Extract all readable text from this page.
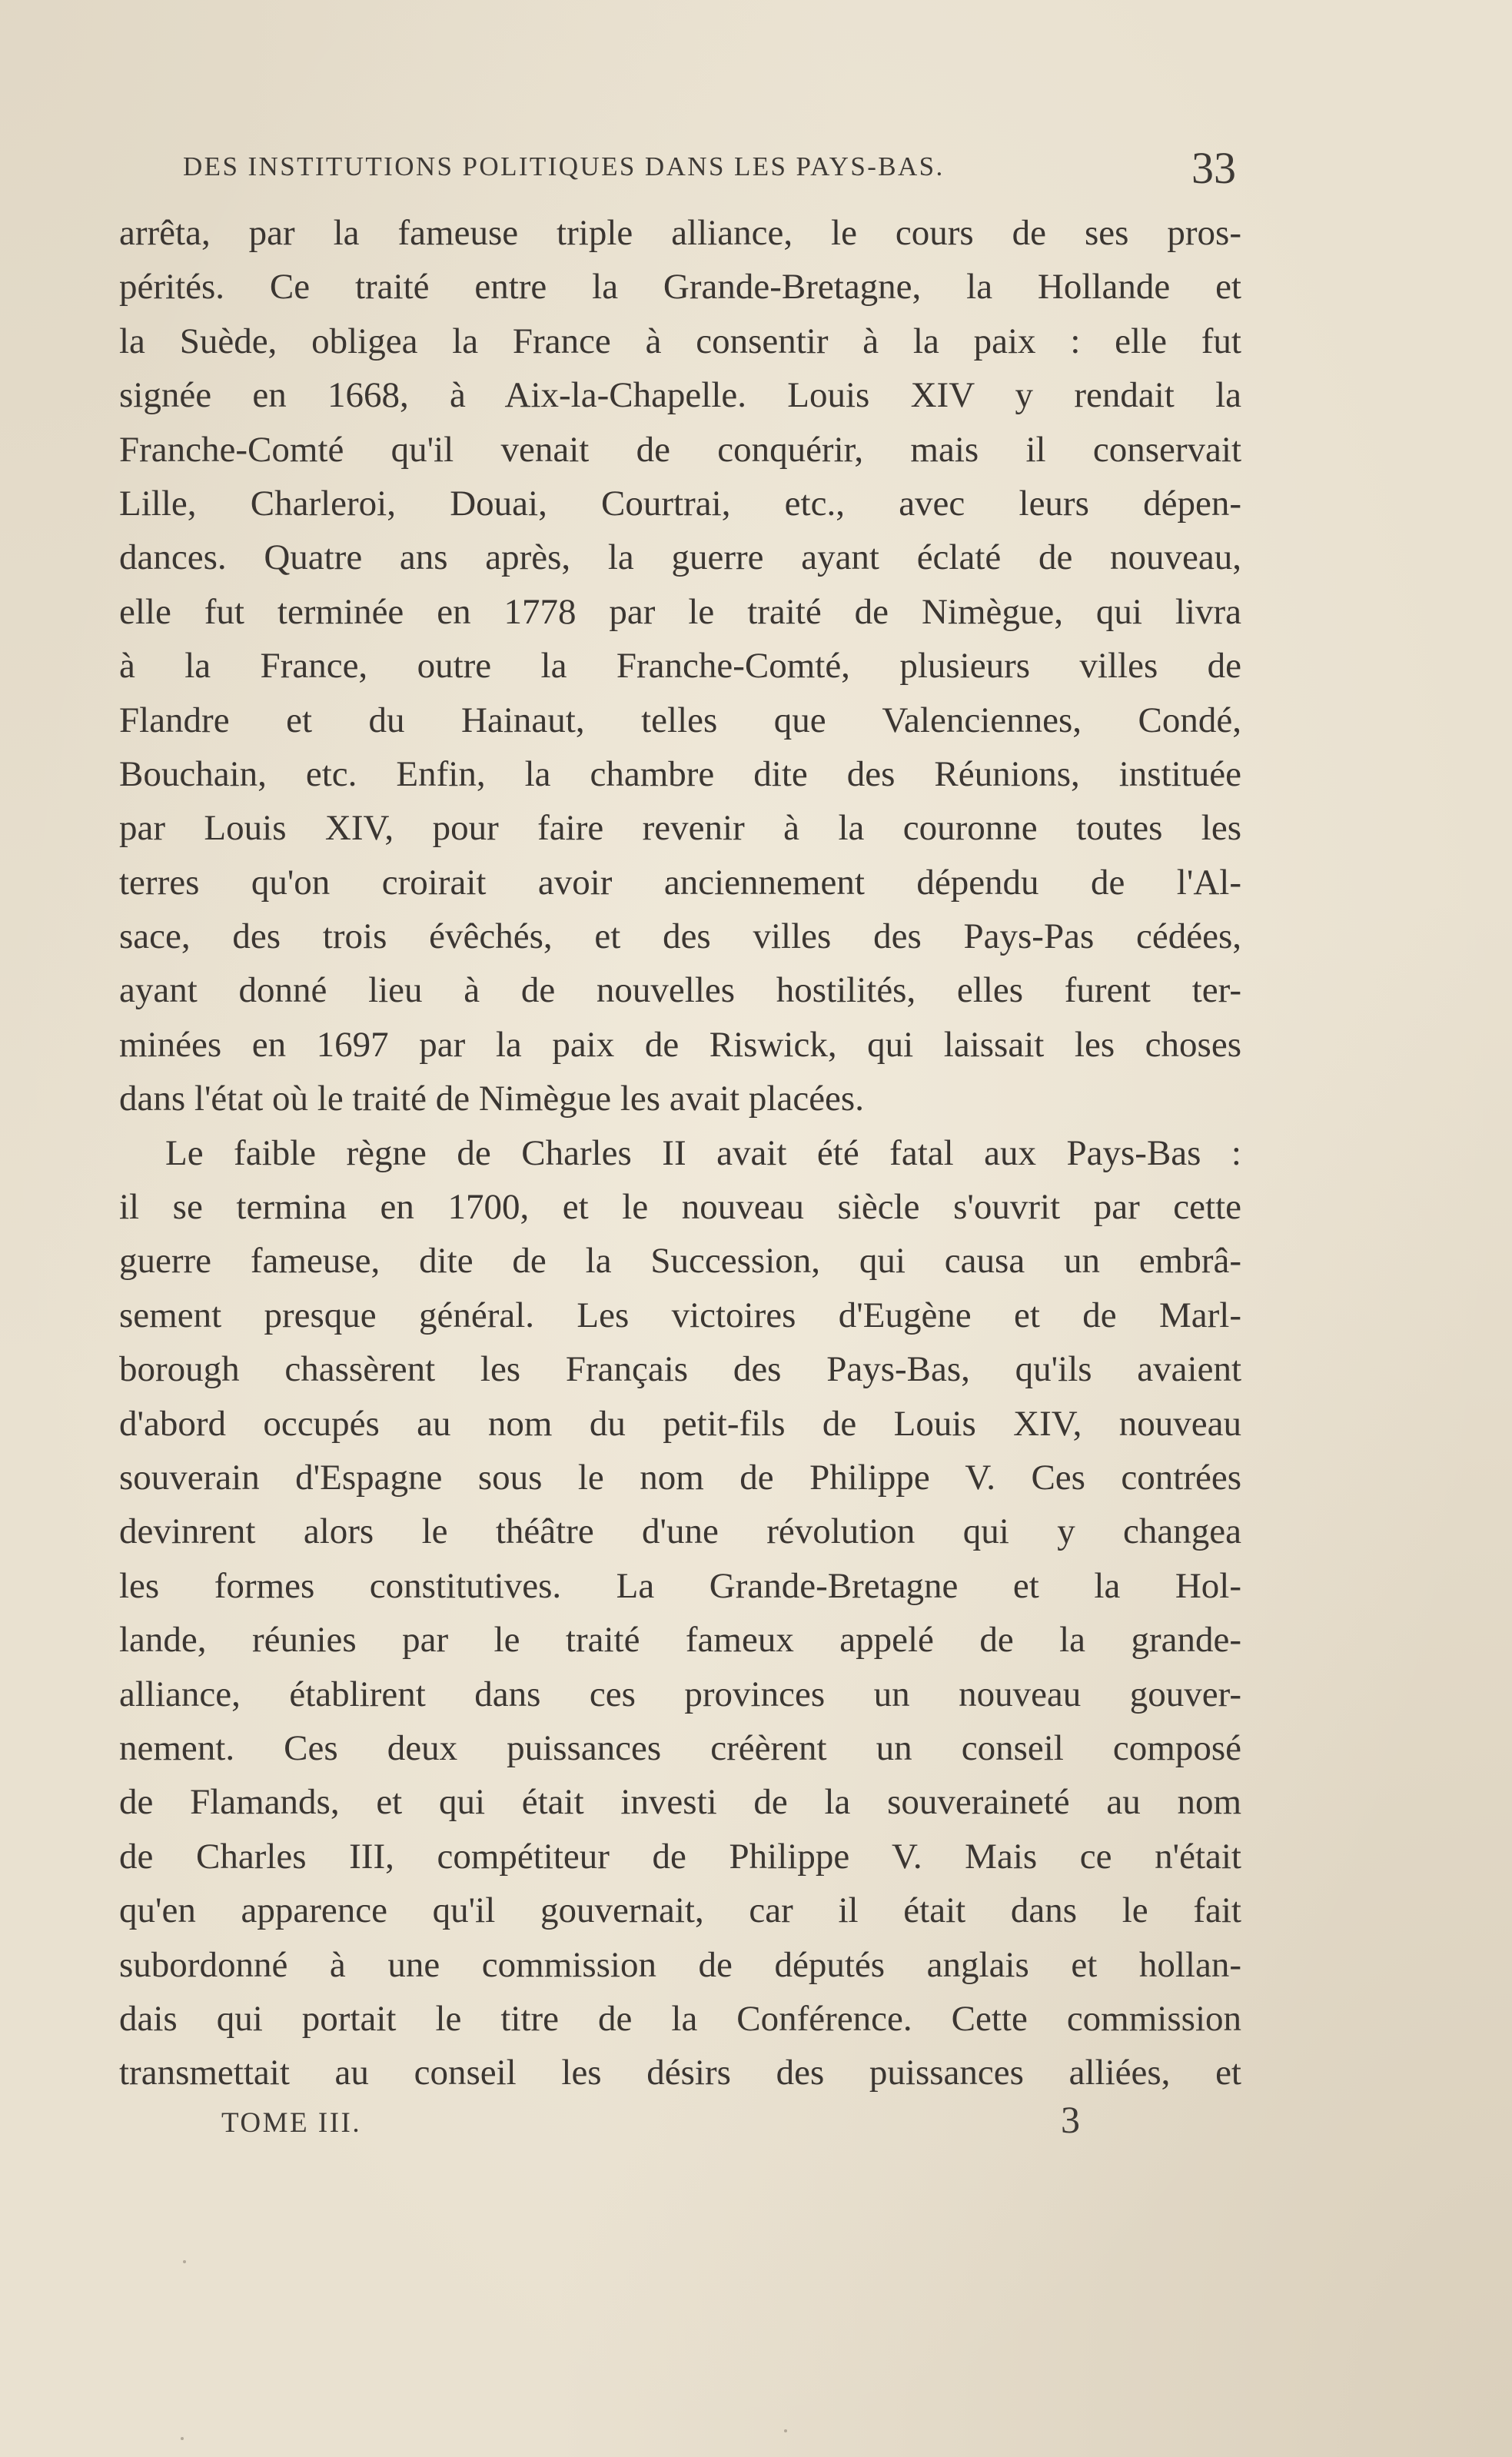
DES INSTITUTIONS POLITIQUES DANS LES PAYS-BAS.	33
arrêta, par la fameuse triple alliance, le cours de ses pros-
pérités. Ce traité entre la Grande-Bretagne, la Hollande et
la Suède, obligea la France à consentir à la paix : elle fut
signée en 1668, à Aix-la-Chapelle. Louis XIV y rendait la
Franche-Comté qu'il venait de conquérir, mais il conservait
Lille, Charleroi, Douai, Courtrai, etc., avec leurs dépen-
dances. Quatre ans après, la guerre ayant éclaté de nouveau,
elle fut terminée en 1778 par le traité de Nimègue, qui livra
à la France, outre la Franche-Comté, plusieurs villes de
Flandre et du Hainaut, telles que Valenciennes, Condé,
Bouchain, etc. Enfin, la chambre dite des Réunions, instituée
par Louis XIV, pour faire revenir à la couronne toutes les
terres qu'on croirait avoir anciennement dépendu de l'Al-
sace, des trois évêchés, et des villes des Pays-Pas cédées,
ayant donné lieu à de nouvelles hostilités, elles furent ter-
minées en 1697 par la paix de Riswick, qui laissait les choses
dans l'état où le traité de Nimègue les avait placées.
Le faible règne de Charles II avait été fatal aux Pays-Bas :
il se termina en 1700, et le nouveau siècle s'ouvrit par cette
guerre fameuse, dite de la Succession, qui causa un embrâ-
sement presque général. Les victoires d'Eugène et de Marl-
borough chassèrent les Français des Pays-Bas, qu'ils avaient
d'abord occupés au nom du petit-fils de Louis XIV, nouveau
souverain d'Espagne sous le nom de Philippe V. Ces contrées
devinrent alors le théâtre d'une révolution qui y changea
les formes constitutives. La Grande-Bretagne et la Hol-
lande, réunies par le traité fameux appelé de la grande-
alliance, établirent dans ces provinces un nouveau gouver-
nement. Ces deux puissances créèrent un conseil composé
de Flamands, et qui était investi de la souveraineté au nom
de Charles III, compétiteur de Philippe V. Mais ce n'était
qu'en apparence qu'il gouvernait, car il était dans le fait
subordonné à une commission de députés anglais et hollan-
dais qui portait le titre de la Conférence. Cette commission
transmettait au conseil les désirs des puissances alliées, et
TOME III.	3
